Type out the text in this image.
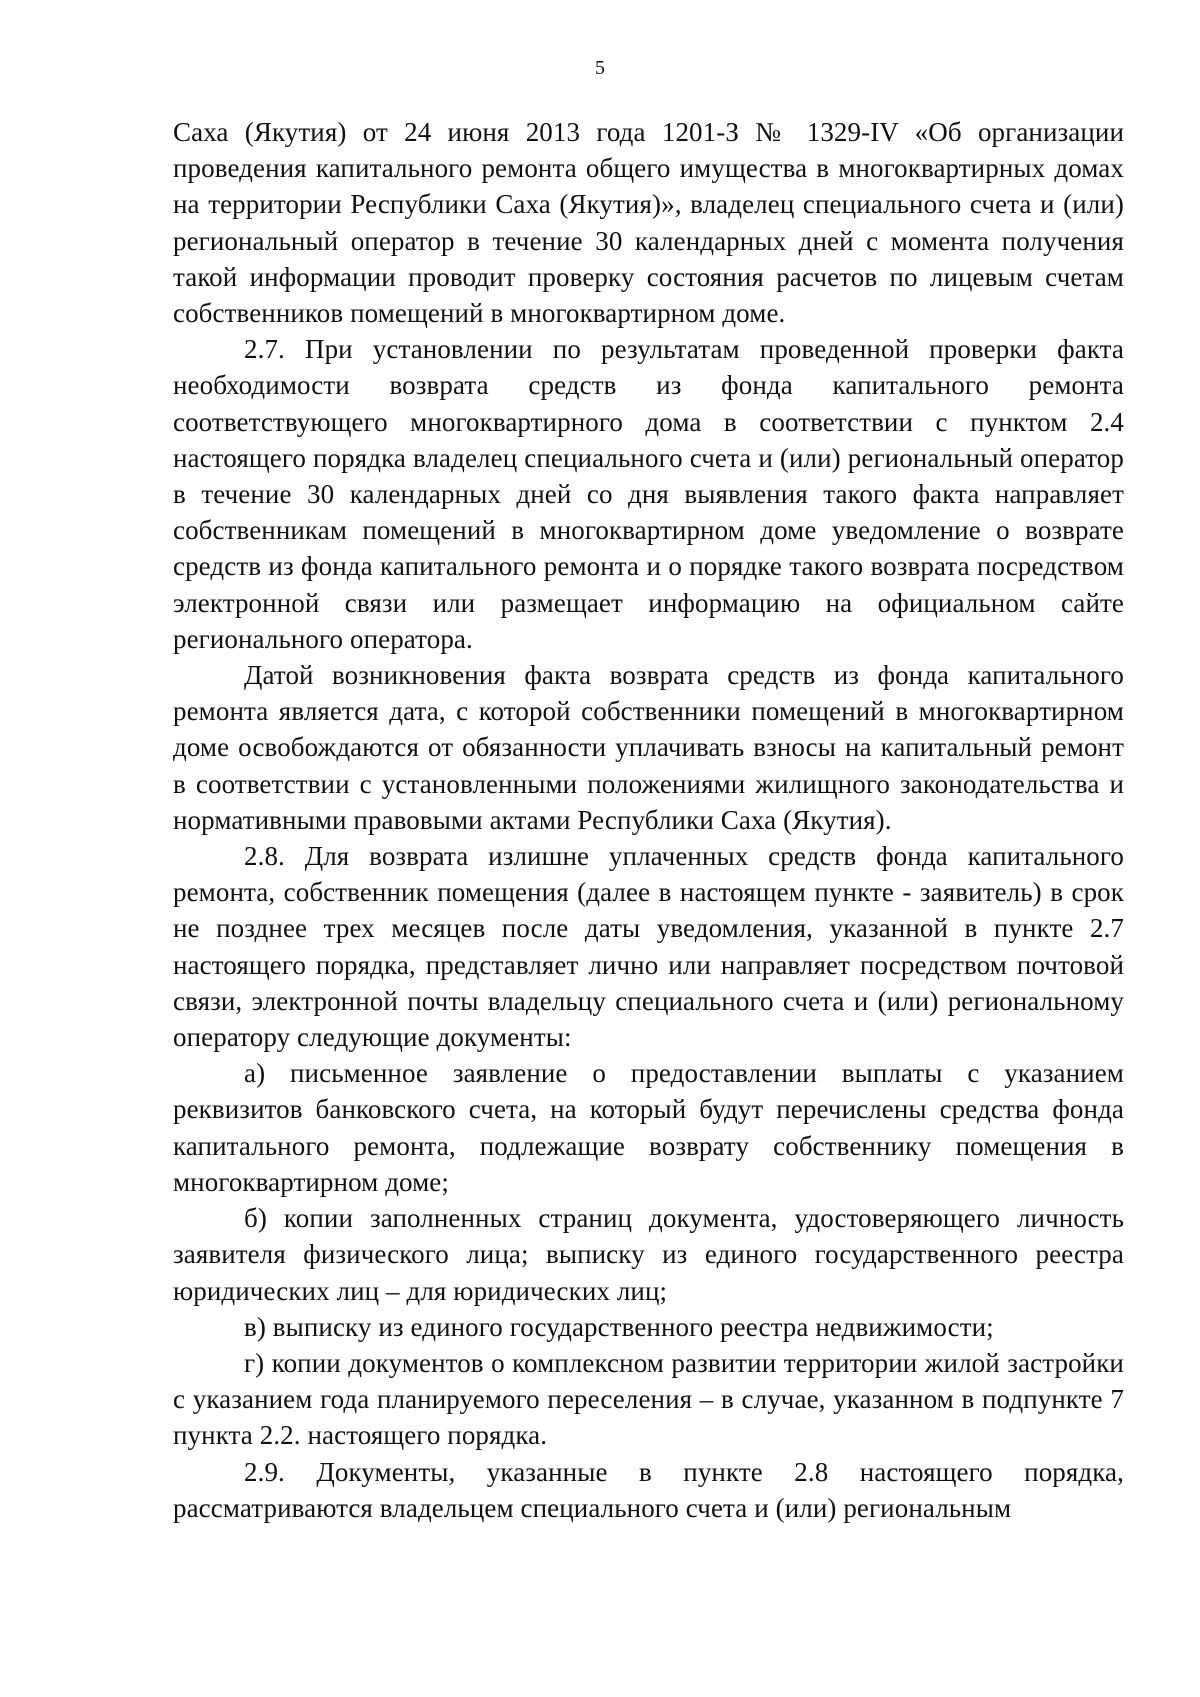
5

Саха (Якутия) от 24 июня 2013 года 1201-З № 1329-IV «Об организации проведения капитального ремонта общего имущества в многоквартирных домах на территории Республики Саха (Якутия)», владелец специального счета и (или) региональный оператор в течение 30 календарных дней с момента получения такой информации проводит проверку состояния расчетов по лицевым счетам собственников помещений в многоквартирном доме.

2.7. При установлении по результатам проведенной проверки факта необходимости возврата средств из фонда капитального ремонта соответствующего многоквартирного дома в соответствии с пунктом 2.4 настоящего порядка владелец специального счета и (или) региональный оператор в течение 30 календарных дней со дня выявления такого факта направляет собственникам помещений в многоквартирном доме уведомление о возврате средств из фонда капитального ремонта и о порядке такого возврата посредством электронной связи или размещает информацию на официальном сайте регионального оператора.

Датой возникновения факта возврата средств из фонда капитального ремонта является дата, с которой собственники помещений в многоквартирном доме освобождаются от обязанности уплачивать взносы на капитальный ремонт в соответствии с установленными положениями жилищного законодательства и нормативными правовыми актами Республики Саха (Якутия).

2.8. Для возврата излишне уплаченных средств фонда капитального ремонта, собственник помещения (далее в настоящем пункте - заявитель) в срок не позднее трех месяцев после даты уведомления, указанной в пункте 2.7 настоящего порядка, представляет лично или направляет посредством почтовой связи, электронной почты владельцу специального счета и (или) региональному оператору следующие документы:

а) письменное заявление о предоставлении выплаты с указанием реквизитов банковского счета, на который будут перечислены средства фонда капитального ремонта, подлежащие возврату собственнику помещения в многоквартирном доме;

б) копии заполненных страниц документа, удостоверяющего личность заявителя физического лица; выписку из единого государственного реестра юридических лиц – для юридических лиц;

в) выписку из единого государственного реестра недвижимости;

г) копии документов о комплексном развитии территории жилой застройки с указанием года планируемого переселения – в случае, указанном в подпункте 7 пункта 2.2. настоящего порядка.

2.9. Документы, указанные в пункте 2.8 настоящего порядка, рассматриваются владельцем специального счета и (или) региональным
